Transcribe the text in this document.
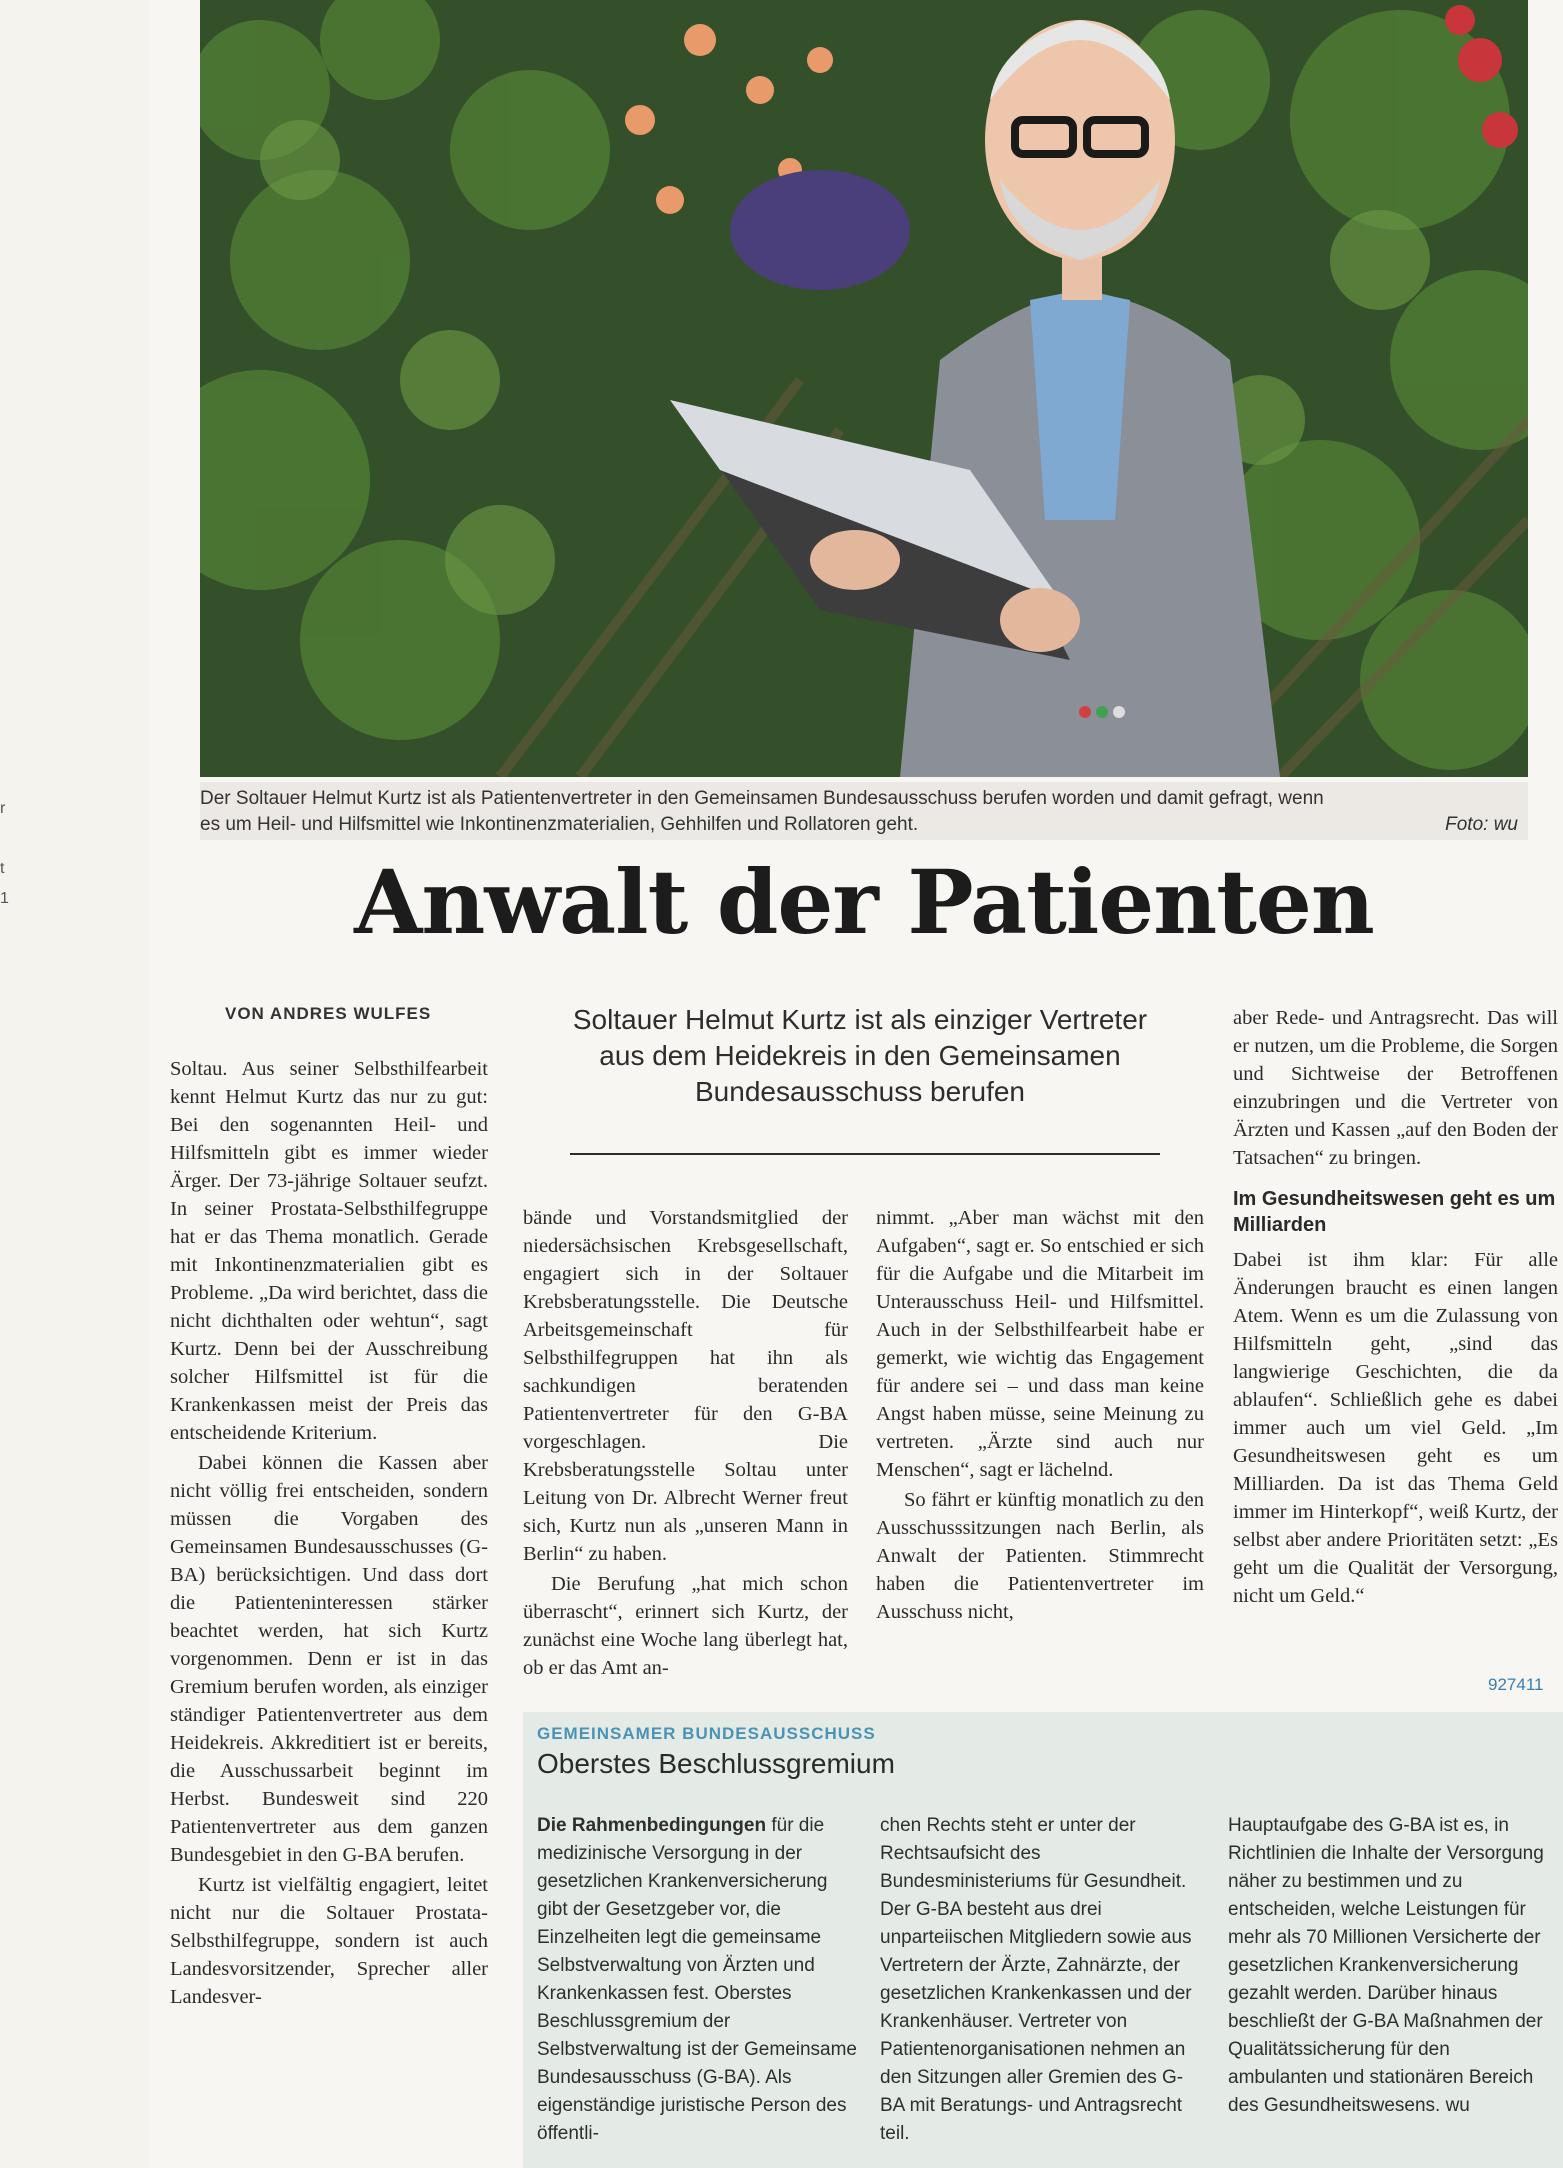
r
t
1
Der Soltauer Helmut Kurtz ist als Patientenvertreter in den Gemeinsamen Bundesausschuss berufen worden und damit gefragt, wenn
es um Heil- und Hilfsmittel wie Inkontinenzmaterialien, Gehhilfen und Rollatoren geht.	Foto: wu
Anwalt der Patienten
VON ANDRES WULFES	Soltauer Helmut Kurtz ist als einziger Vertreter aus dem Heidekreis in den Gemeinsamen Bundesausschuss berufen

Soltau. Aus seiner Selbsthilfearbeit kennt Helmut Kurtz das nur zu gut: Bei den sogenannten Heil- und Hilfsmitteln gibt es immer wieder Ärger. Der 73-jährige Soltauer seufzt. In seiner Prostata-Selbsthilfegruppe hat er das Thema monatlich. Gerade mit Inkontinenzmaterialien gibt es Probleme. „Da wird berichtet, dass die nicht dichthalten oder wehtun“, sagt Kurtz. Denn bei der Ausschreibung solcher Hilfsmittel ist für die Krankenkassen meist der Preis das entscheidende Kriterium.

Dabei können die Kassen aber nicht völlig frei entscheiden, sondern müssen die Vorgaben des Gemeinsamen Bundesausschusses (G-BA) berücksichtigen. Und dass dort die Patienteninteressen stärker beachtet werden, hat sich Kurtz vorgenommen. Denn er ist in das Gremium berufen worden, als einziger ständiger Patientenvertreter aus dem Heidekreis. Akkreditiert ist er bereits, die Ausschussarbeit beginnt im Herbst. Bundesweit sind 220 Patientenvertreter aus dem ganzen Bundesgebiet in den G-BA berufen.

Kurtz ist vielfältig engagiert, leitet nicht nur die Soltauer Prostata-Selbsthilfegruppe, sondern ist auch Landesvorsitzender, Sprecher aller Landesver-

bände und Vorstandsmitglied der niedersächsischen Krebsgesellschaft, engagiert sich in der Soltauer Krebsberatungsstelle. Die Deutsche Arbeitsgemeinschaft für Selbsthilfegruppen hat ihn als sachkundigen beratenden Patientenvertreter für den G-BA vorgeschlagen. Die Krebsberatungsstelle Soltau unter Leitung von Dr. Albrecht Werner freut sich, Kurtz nun als „unseren Mann in Berlin“ zu haben.

Die Berufung „hat mich schon überrascht“, erinnert sich Kurtz, der zunächst eine Woche lang überlegt hat, ob er das Amt an-

nimmt. „Aber man wächst mit den Aufgaben“, sagt er. So entschied er sich für die Aufgabe und die Mitarbeit im Unterausschuss Heil- und Hilfsmittel. Auch in der Selbsthilfearbeit habe er gemerkt, wie wichtig das Engagement für andere sei – und dass man keine Angst haben müsse, seine Meinung zu vertreten. „Ärzte sind auch nur Menschen“, sagt er lächelnd.

So fährt er künftig monatlich zu den Ausschusssitzungen nach Berlin, als Anwalt der Patienten. Stimmrecht haben die Patientenvertreter im Ausschuss nicht,

aber Rede- und Antragsrecht. Das will er nutzen, um die Probleme, die Sorgen und Sichtweise der Betroffenen einzubringen und die Vertreter von Ärzten und Kassen „auf den Boden der Tatsachen“ zu bringen.

Im Gesundheitswesen geht es um Milliarden

Dabei ist ihm klar: Für alle Änderungen braucht es einen langen Atem. Wenn es um die Zulassung von Hilfsmitteln geht, „sind das langwierige Geschichten, die da ablaufen“. Schließlich gehe es dabei immer auch um viel Geld. „Im Gesundheitswesen geht es um Milliarden. Da ist das Thema Geld immer im Hinterkopf“, weiß Kurtz, der selbst aber andere Prioritäten setzt: „Es geht um die Qualität der Versorgung, nicht um Geld.“

927411
GEMEINSAMER BUNDESAUSSCHUSS
Oberstes Beschlussgremium

Die Rahmenbedingungen für die medizinische Versorgung in der gesetzlichen Krankenversicherung gibt der Gesetzgeber vor, die Einzelheiten legt die gemeinsame Selbstverwaltung von Ärzten und Krankenkassen fest. Oberstes Beschlussgremium der Selbstverwaltung ist der Gemeinsame Bundesausschuss (G-BA). Als eigenständige juristische Person des öffentli-

chen Rechts steht er unter der Rechtsaufsicht des Bundesministeriums für Gesundheit. Der G-BA besteht aus drei unparteiischen Mitgliedern sowie aus Vertretern der Ärzte, Zahnärzte, der gesetzlichen Krankenkassen und der Krankenhäuser. Vertreter von Patientenorganisationen nehmen an den Sitzungen aller Gremien des G-BA mit Beratungs- und Antragsrecht teil.

Hauptaufgabe des G-BA ist es, in Richtlinien die Inhalte der Versorgung näher zu bestimmen und zu entscheiden, welche Leistungen für mehr als 70 Millionen Versicherte der gesetzlichen Krankenversicherung gezahlt werden. Darüber hinaus beschließt der G-BA Maßnahmen der Qualitätssicherung für den ambulanten und stationären Bereich des Gesundheitswesens. wu
